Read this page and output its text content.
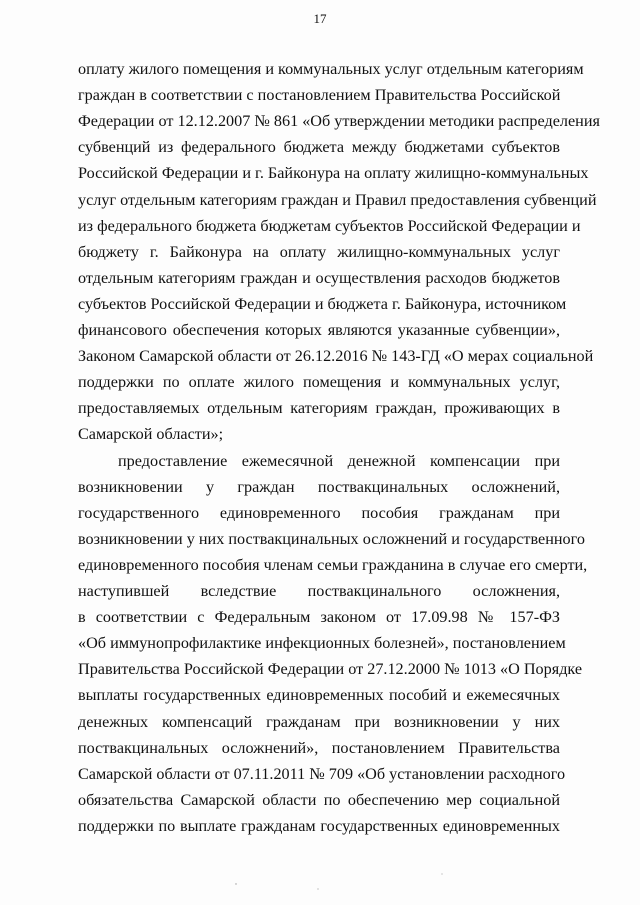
17
оплату жилого помещения и коммунальных услуг отдельным категориям
граждан в соответствии с постановлением Правительства Российской
Федерации от 12.12.2007 № 861 «Об утверждении методики распределения
субвенций из федерального бюджета между бюджетами субъектов
Российской Федерации и г. Байконура на оплату жилищно-коммунальных
услуг отдельным категориям граждан и Правил предоставления субвенций
из федерального бюджета бюджетам субъектов Российской Федерации и
бюджету г. Байконура на оплату жилищно-коммунальных услуг
отдельным категориям граждан и осуществления расходов бюджетов
субъектов Российской Федерации и бюджета г. Байконура, источником
финансового обеспечения которых являются указанные субвенции»,
Законом Самарской области от 26.12.2016 № 143-ГД «О мерах социальной
поддержки по оплате жилого помещения и коммунальных услуг,
предоставляемых отдельным категориям граждан, проживающих в
Самарской области»;
предоставление ежемесячной денежной компенсации при
возникновении у граждан поствакцинальных осложнений,
государственного единовременного пособия гражданам при
возникновении у них поствакцинальных осложнений и государственного
единовременного пособия членам семьи гражданина в случае его смерти,
наступившей вследствие поствакцинального осложнения,
в соответствии с Федеральным законом от 17.09.98 № 157-ФЗ
«Об иммунопрофилактике инфекционных болезней», постановлением
Правительства Российской Федерации от 27.12.2000 № 1013 «О Порядке
выплаты государственных единовременных пособий и ежемесячных
денежных компенсаций гражданам при возникновении у них
поствакцинальных осложнений», постановлением Правительства
Самарской области от 07.11.2011 № 709 «Об установлении расходного
обязательства Самарской области по обеспечению мер социальной
поддержки по выплате гражданам государственных единовременных
